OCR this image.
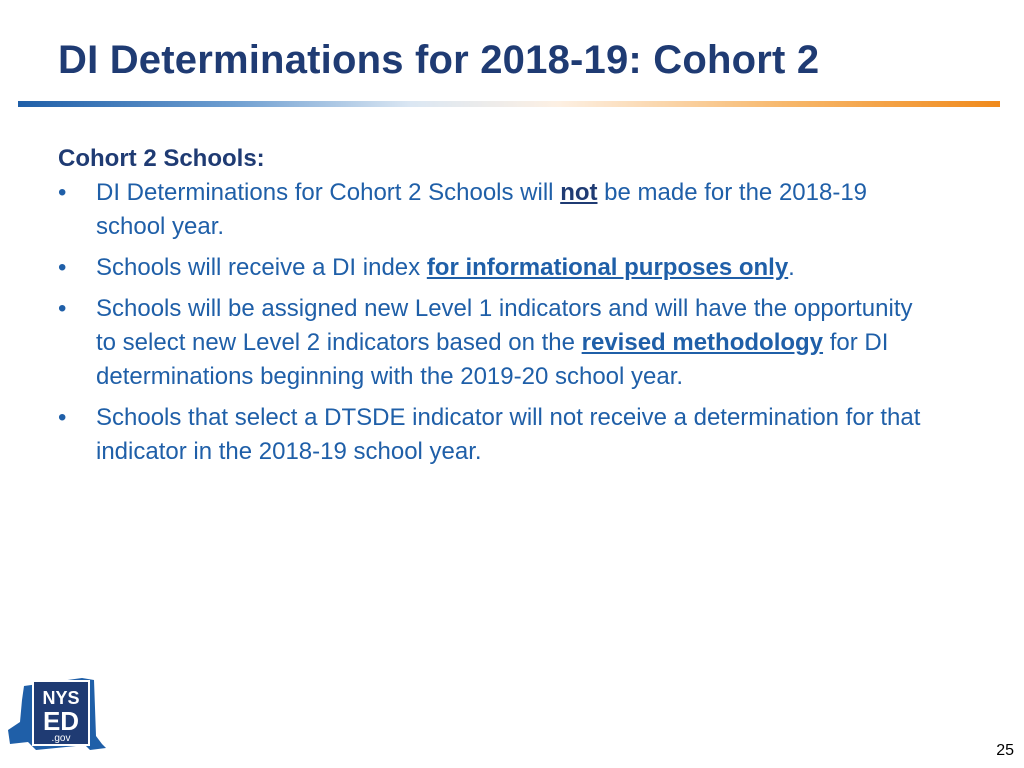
DI Determinations for 2018-19: Cohort 2
Cohort 2 Schools:
• DI Determinations for Cohort 2 Schools will not be made for the 2018-19 school year.
• Schools will receive a DI index for informational purposes only.
• Schools will be assigned new Level 1 indicators and will have the opportunity to select new Level 2 indicators based on the revised methodology for DI determinations beginning with the 2019-20 school year.
• Schools that select a DTSDE indicator will not receive a determination for that indicator in the 2018-19 school year.
NYS
ED
.gov
25
